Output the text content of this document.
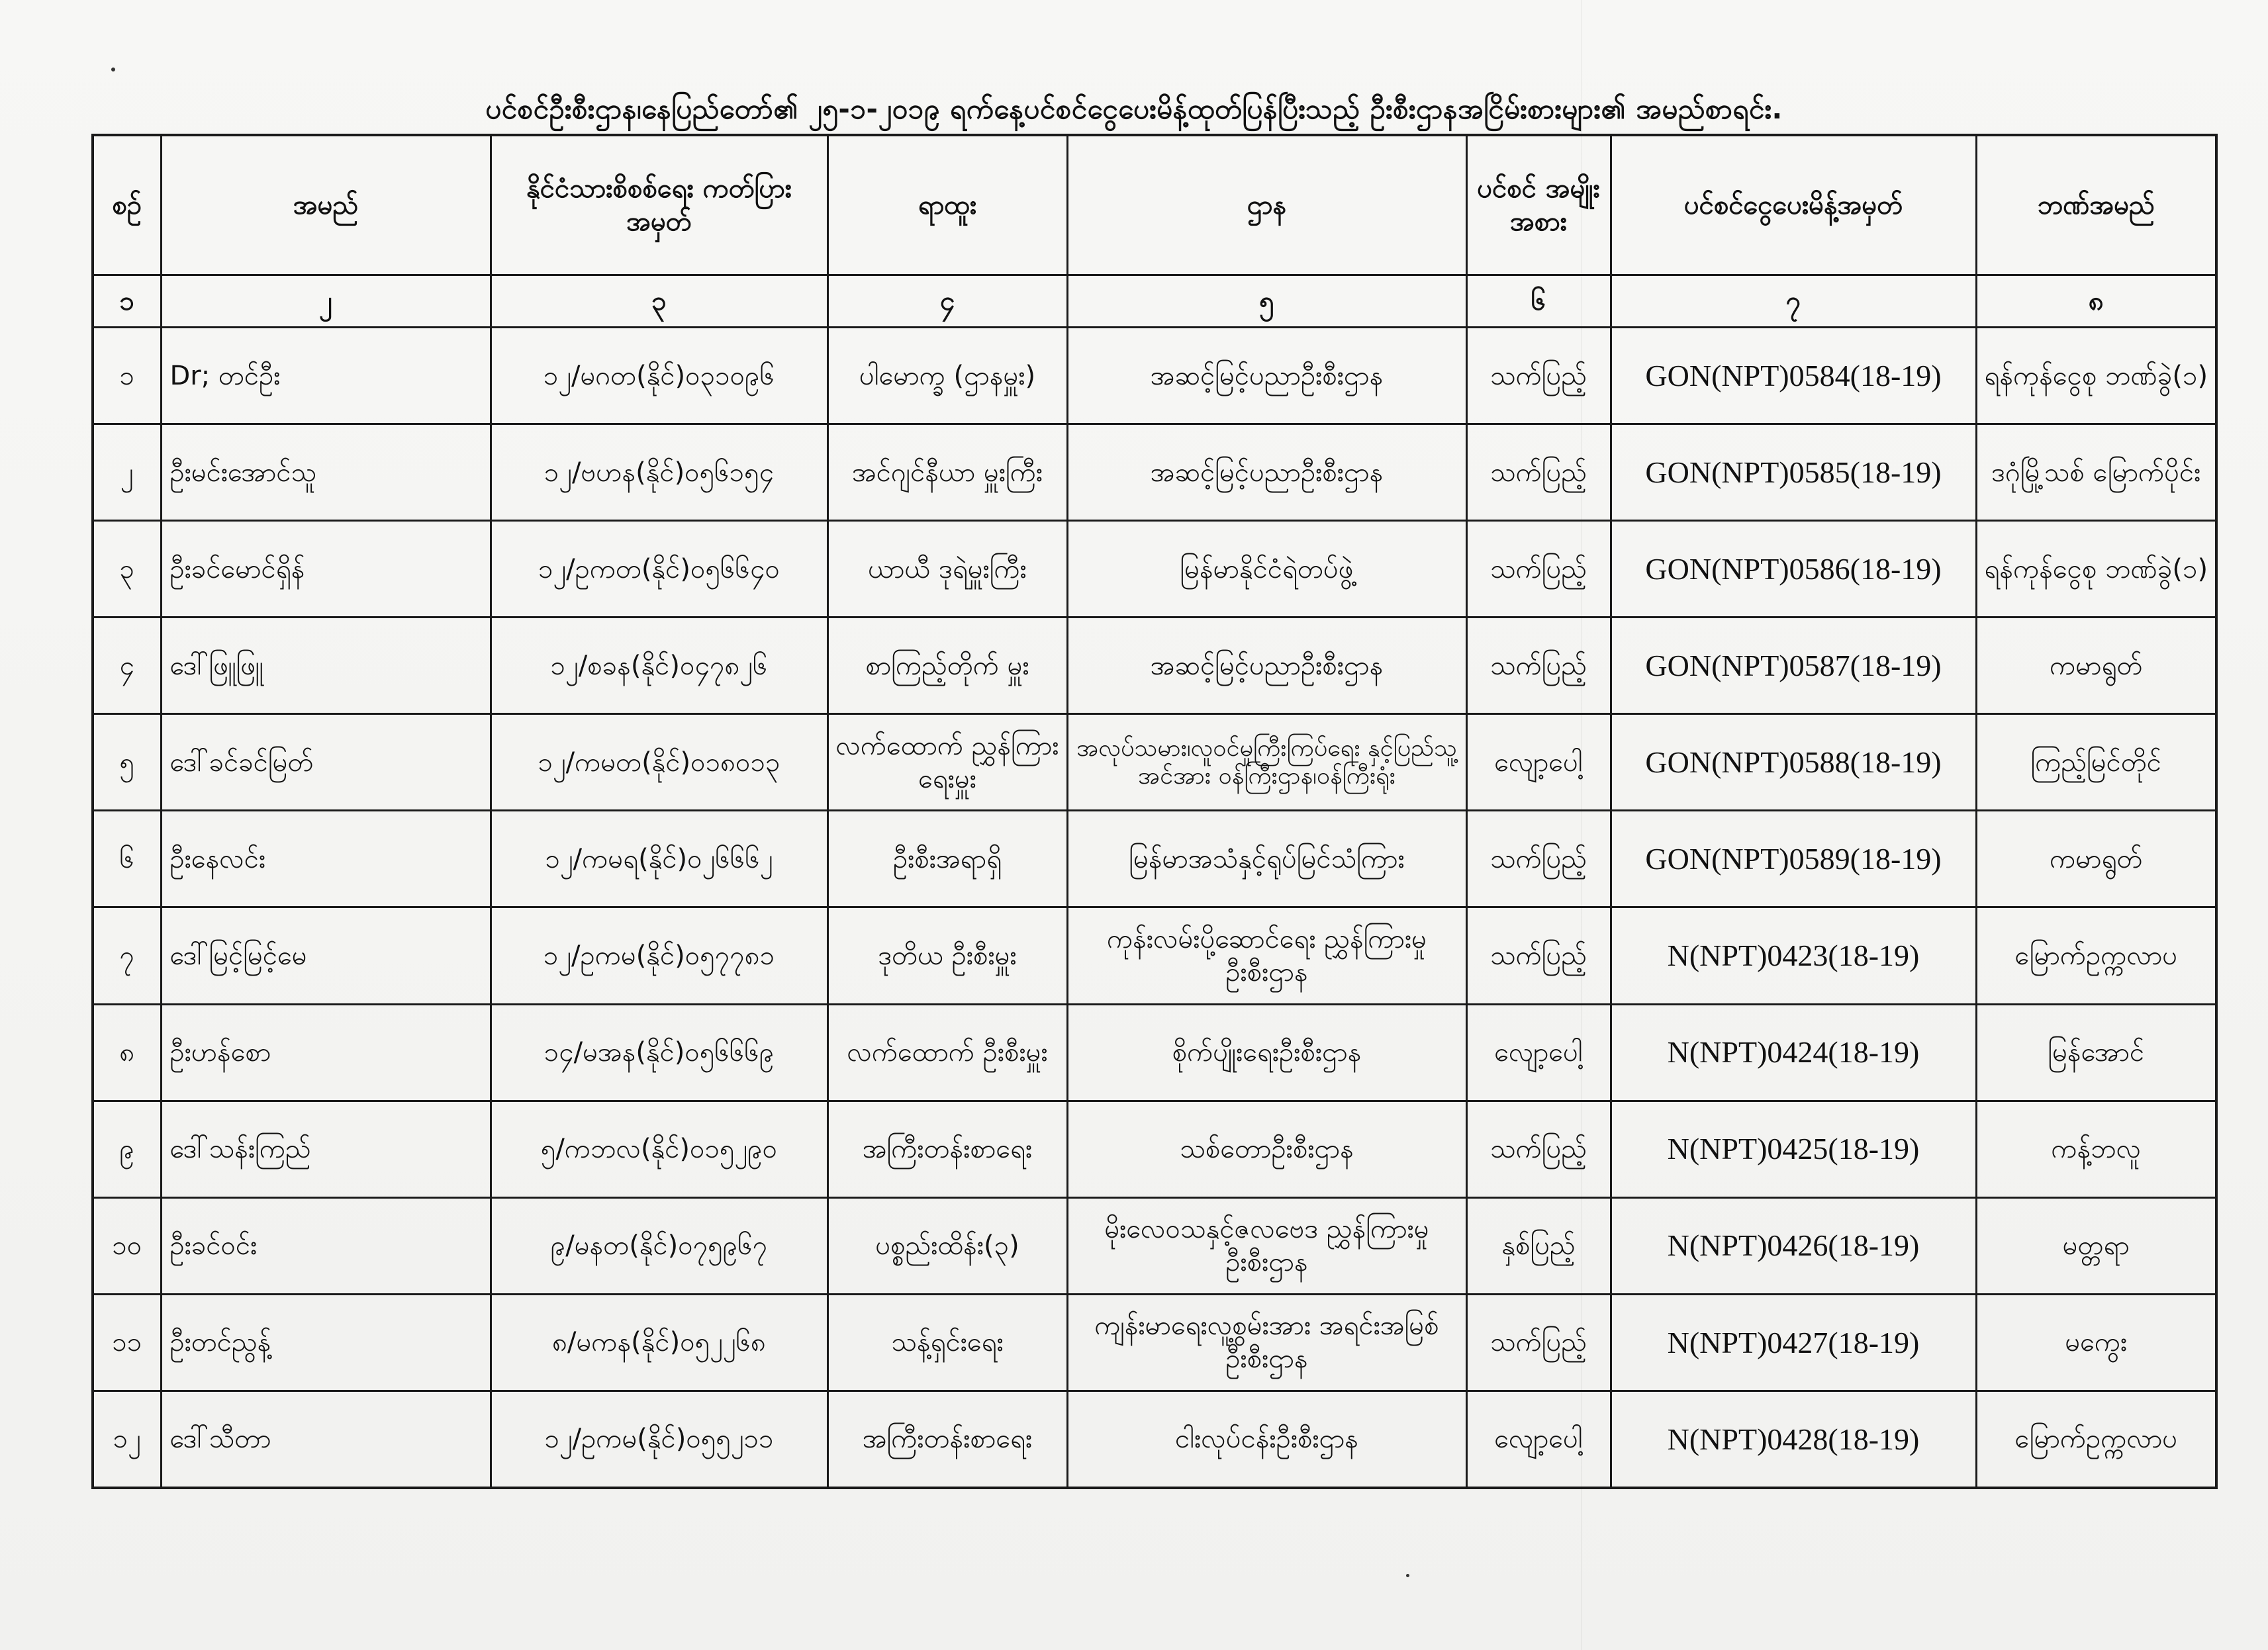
ပင်စင်ဦးစီးဌာန၊နေပြည်တော်၏ ၂၅-၁-၂၀၁၉ ရက်နေ့ပင်စင်ငွေပေးမိန့်ထုတ်ပြန်ပြီးသည့် ဦးစီးဌာနအငြိမ်းစားများ၏ အမည်စာရင်း.
စဉ်	အမည်	နိုင်ငံသားစိစစ်ရေး ကတ်ပြားအမှတ်	ရာထူး	ဌာန	ပင်စင် အမျိုး အစား	ပင်စင်ငွေပေးမိန့်အမှတ်	ဘဏ်အမည်
၁	၂	၃	၄	၅	၆	၇	၈
၁	Dr; တင်ဦး	၁၂/မဂတ(နိုင်)၀၃၁၀၉၆	ပါမောက္ခ (ဌာနမှူး)	အဆင့်မြင့်ပညာဦးစီးဌာန	သက်ပြည့်	GON(NPT)0584(18-19)	ရန်ကုန်ငွေစု ဘဏ်ခွဲ(၁)
၂	ဦးမင်းအောင်သူ	၁၂/ဗဟန(နိုင်)၀၅၆၁၅၄	အင်ဂျင်နီယာ မှူးကြီး	အဆင့်မြင့်ပညာဦးစီးဌာန	သက်ပြည့်	GON(NPT)0585(18-19)	ဒဂုံမြို့သစ် မြောက်ပိုင်း
၃	ဦးခင်မောင်ရှိန်	၁၂/ဥကတ(နိုင်)၀၅၆၆၄၀	ယာယီ ဒုရဲမှူးကြီး	မြန်မာနိုင်ငံရဲတပ်ဖွဲ့	သက်ပြည့်	GON(NPT)0586(18-19)	ရန်ကုန်ငွေစု ဘဏ်ခွဲ(၁)
၄	ဒေါ်ဖြူဖြူ	၁၂/စခန(နိုင်)၀၄၇၈၂၆	စာကြည့်တိုက် မှူး	အဆင့်မြင့်ပညာဦးစီးဌာန	သက်ပြည့်	GON(NPT)0587(18-19)	ကမာရွတ်
၅	ဒေါ်ခင်ခင်မြတ်	၁၂/ကမတ(နိုင်)၀၁၈၀၁၃	လက်ထောက် ညွှန်ကြားရေးမှူး	အလုပ်သမား၊လူဝင်မှုကြီးကြပ်ရေး နှင့်ပြည်သူ့အင်အား ဝန်ကြီးဌာန၊ဝန်ကြီးရုံး	လျော့ပေါ့	GON(NPT)0588(18-19)	ကြည့်မြင်တိုင်
၆	ဦးနေလင်း	၁၂/ကမရ(နိုင်)၀၂၆၆၆၂	ဦးစီးအရာရှိ	မြန်မာအသံနှင့်ရုပ်မြင်သံကြား	သက်ပြည့်	GON(NPT)0589(18-19)	ကမာရွတ်
၇	ဒေါ်မြင့်မြင့်မေ	၁၂/ဥကမ(နိုင်)၀၅၇၇၈၁	ဒုတိယ ဦးစီးမှူး	ကုန်းလမ်းပို့ဆောင်ရေး ညွှန်ကြားမှုဦးစီးဌာန	သက်ပြည့်	N(NPT)0423(18-19)	မြောက်ဥက္ကလာပ
၈	ဦးဟန်စော	၁၄/မအန(နိုင်)၀၅၆၆၆၉	လက်ထောက် ဦးစီးမှူး	စိုက်ပျိုးရေးဦးစီးဌာန	လျော့ပေါ့	N(NPT)0424(18-19)	မြန်အောင်
၉	ဒေါ်သန်းကြည်	၅/ကဘလ(နိုင်)၀၁၅၂၉၀	အကြီးတန်းစာရေး	သစ်တောဦးစီးဌာန	သက်ပြည့်	N(NPT)0425(18-19)	ကန့်ဘလူ
၁၀	ဦးခင်ဝင်း	၉/မနတ(နိုင်)၀၇၅၉၆၇	ပစ္စည်းထိန်း(၃)	မိုးလေဝသနှင့်ဇလဗေဒ ညွှန်ကြားမှုဦးစီးဌာန	နှစ်ပြည့်	N(NPT)0426(18-19)	မတ္တရာ
၁၁	ဦးတင်ညွန့်	၈/မကန(နိုင်)၀၅၂၂၆၈	သန့်ရှင်းရေး	ကျန်းမာရေးလူ့စွမ်းအား အရင်းအမြစ်ဦးစီးဌာန	သက်ပြည့်	N(NPT)0427(18-19)	မကွေး
၁၂	ဒေါ်သီတာ	၁၂/ဥကမ(နိုင်)၀၅၅၂၁၁	အကြီးတန်းစာရေး	ငါးလုပ်ငန်းဦးစီးဌာန	လျော့ပေါ့	N(NPT)0428(18-19)	မြောက်ဥက္ကလာပ
